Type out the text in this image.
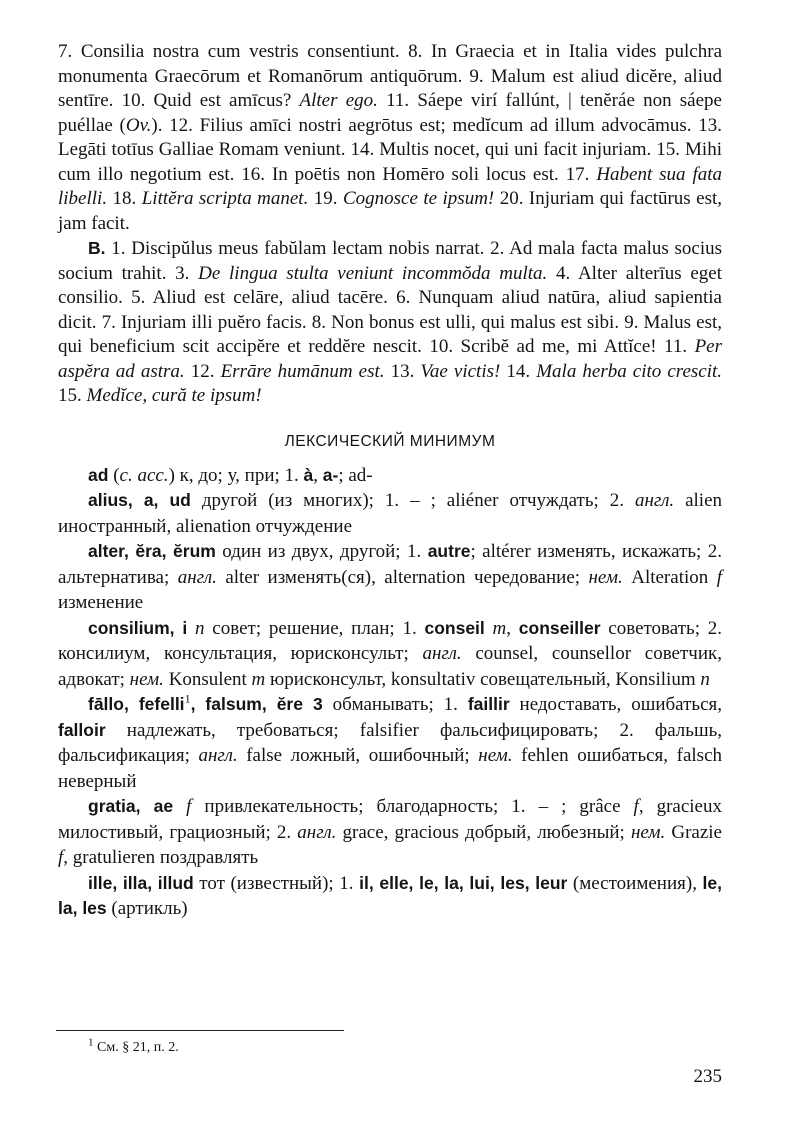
7. Consilia nostra cum vestris consentiunt. 8. In Graecia et in Italia vides pulchra monumenta Graecōrum et Romanōrum antiquōrum. 9. Malum est aliud dicĕre, aliud sentīre. 10. Quid est amīcus? Alter ego. 11. Sáepe virí fallúnt, | tenĕráe non sáepe puéllae (Ov.). 12. Filius amīci nostri aegrōtus est; medĭcum ad illum advocāmus. 13. Legāti totīus Galliae Romam veniunt. 14. Multis nocet, qui uni facit injuriam. 15. Mihi cum illo negotium est. 16. In poētis non Homēro soli locus est. 17. Habent sua fata libelli. 18. Littĕra scripta manet. 19. Cognosce te ipsum! 20. Injuriam qui factūrus est, jam facit.

B. 1. Discipŭlus meus fabŭlam lectam nobis narrat. 2. Ad mala facta malus socius socium trahit. 3. De lingua stulta veniunt incommŏda multa. 4. Alter alterīus eget consilio. 5. Aliud est celāre, aliud tacēre. 6. Nunquam aliud natūra, aliud sapientia dicit. 7. Injuriam illi puĕro facis. 8. Non bonus est ulli, qui malus est sibi. 9. Malus est, qui beneficium scit accipĕre et reddĕre nescit. 10. Scribĕ ad me, mi Attĭce! 11. Per aspĕra ad astra. 12. Errāre humānum est. 13. Vae victis! 14. Mala herba cito crescit. 15. Medĭce, cură te ipsum!

ЛЕКСИЧЕСКИЙ МИНИМУМ

ad (c. acc.) к, до; у, при; 1. à, a-; ad-

alius, a, ud другой (из многих); 1. – ; aliéner отчуждать; 2. англ. alien иностранный, alienation отчуждение

alter, ĕra, ĕrum один из двух, другой; 1. autre; altérer изменять, искажать; 2. альтернатива; англ. alter изменять(ся), alternation чередование; нем. Alteration f изменение

consilium, i n совет; решение, план; 1. conseil m, conseiller советовать; 2. консилиум, консультация, юрисконсульт; англ. counsel, counsellor советчик, адвокат; нем. Konsulent m юрисконсульт, konsultativ совещательный, Konsilium n

fāllo, fefelli$^1$, falsum, ĕre 3 обманывать; 1. faillir недоставать, ошибаться, falloir надлежать, требоваться; falsifier фальсифицировать; 2. фальшь, фальсификация; англ. false ложный, ошибочный; нем. fehlen ошибаться, falsch неверный

gratia, ae f привлекательность; благодарность; 1. – ; grâce f, gracieux милостивый, грациозный; 2. англ. grace, gracious добрый, любезный; нем. Grazie f, gratulieren поздравлять

ille, illa, illud тот (известный); 1. il, elle, le, la, lui, les, leur (местоимения), le, la, les (артикль)

$^1$ См. § 21, п. 2.
235
